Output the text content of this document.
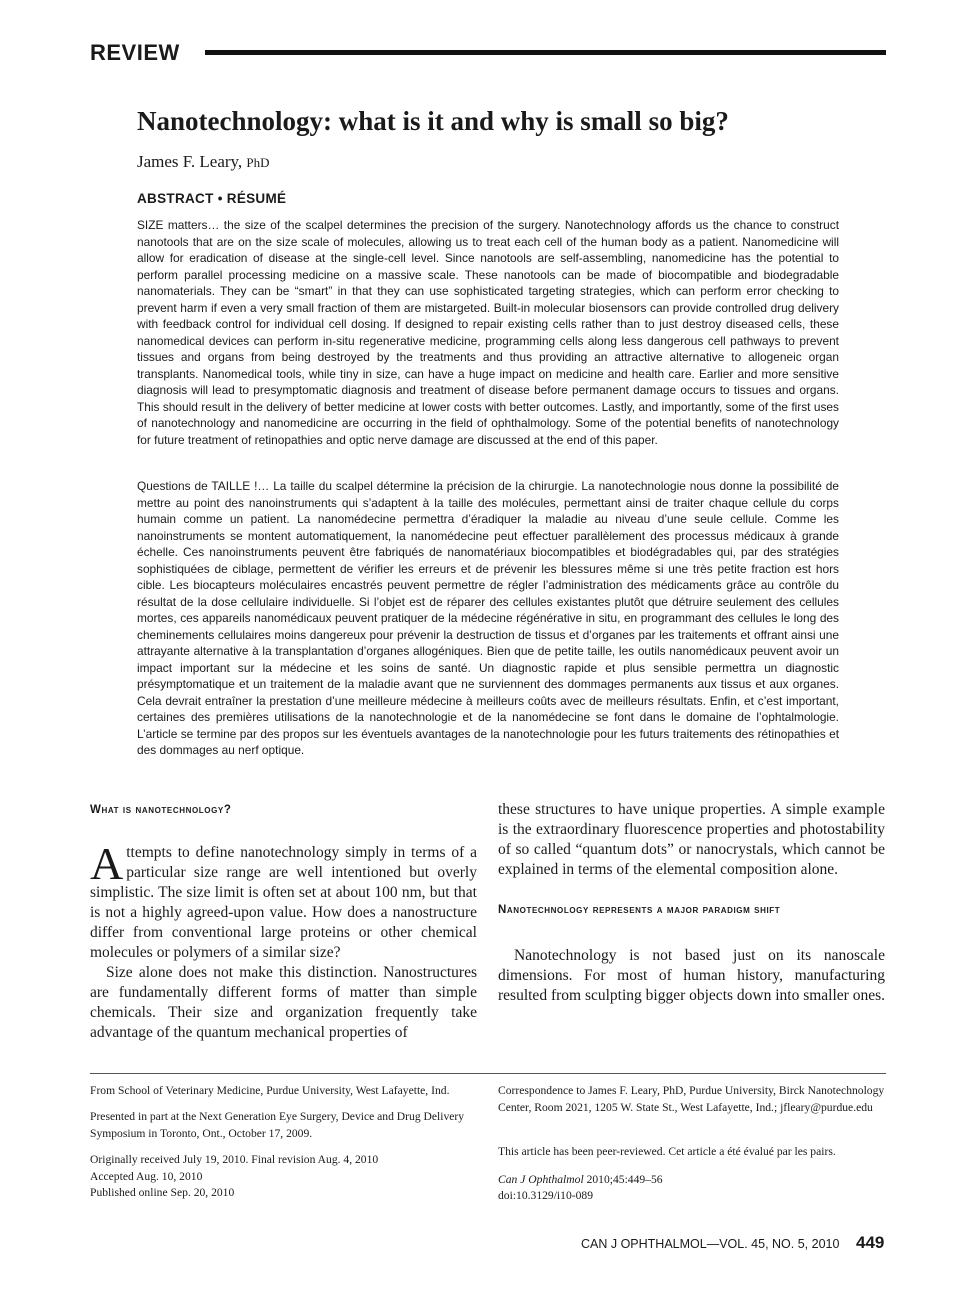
REVIEW
Nanotechnology: what is it and why is small so big?
James F. Leary, PhD
ABSTRACT • RÉSUMÉ

SIZE matters… the size of the scalpel determines the precision of the surgery. Nanotechnology affords us the chance to construct nanotools that are on the size scale of molecules, allowing us to treat each cell of the human body as a patient. Nanomedicine will allow for eradication of disease at the single-cell level. Since nanotools are self-assembling, nanomedicine has the potential to perform parallel processing medicine on a massive scale. These nanotools can be made of biocompatible and biodegradable nanomaterials. They can be “smart” in that they can use sophisticated targeting strategies, which can perform error checking to prevent harm if even a very small fraction of them are mistargeted. Built-in molecular biosensors can provide controlled drug delivery with feedback control for individual cell dosing. If designed to repair existing cells rather than to just destroy diseased cells, these nanomedical devices can perform in-situ regenerative medicine, programming cells along less dangerous cell pathways to prevent tissues and organs from being destroyed by the treatments and thus providing an attractive alternative to allogeneic organ transplants. Nanomedical tools, while tiny in size, can have a huge impact on medicine and health care. Earlier and more sensitive diagnosis will lead to presymptomatic diagnosis and treatment of disease before permanent damage occurs to tissues and organs. This should result in the delivery of better medicine at lower costs with better outcomes. Lastly, and importantly, some of the first uses of nanotechnology and nanomedicine are occurring in the field of ophthalmology. Some of the potential benefits of nanotechnology for future treatment of retinopathies and optic nerve damage are discussed at the end of this paper.

Questions de TAILLE !… La taille du scalpel détermine la précision de la chirurgie. La nanotechnologie nous donne la possibilité de mettre au point des nanoinstruments qui s’adaptent à la taille des molécules, permettant ainsi de traiter chaque cellule du corps humain comme un patient. La nanomédecine permettra d’éradiquer la maladie au niveau d’une seule cellule. Comme les nanoinstruments se montent automatiquement, la nanomédecine peut effectuer parallèlement des processus médicaux à grande échelle. Ces nanoinstruments peuvent être fabriqués de nanomatériaux biocompatibles et biodégradables qui, par des stratégies sophistiquées de ciblage, permettent de vérifier les erreurs et de prévenir les blessures même si une très petite fraction est hors cible. Les biocapteurs moléculaires encastrés peuvent permettre de régler l’administration des médicaments grâce au contrôle du résultat de la dose cellulaire individuelle. Si l’objet est de réparer des cellules existantes plutôt que détruire seulement des cellules mortes, ces appareils nanomédicaux peuvent pratiquer de la médecine régénérative in situ, en programmant des cellules le long des cheminements cellulaires moins dangereux pour prévenir la destruction de tissus et d’organes par les traitements et offrant ainsi une attrayante alternative à la transplantation d’organes allogéniques. Bien que de petite taille, les outils nanomédicaux peuvent avoir un impact important sur la médecine et les soins de santé. Un diagnostic rapide et plus sensible permettra un diagnostic présymptomatique et un traitement de la maladie avant que ne surviennent des dommages permanents aux tissus et aux organes. Cela devrait entraîner la prestation d’une meilleure médecine à meilleurs coûts avec de meilleurs résultats. Enfin, et c’est important, certaines des premières utilisations de la nanotechnologie et de la nanomédecine se font dans le domaine de l’ophtalmologie. L’article se termine par des propos sur les éventuels avantages de la nanotechnologie pour les futurs traitements des rétinopathies et des dommages au nerf optique.

What is nanotechnology?

Attempts to define nanotechnology simply in terms of a particular size range are well intentioned but overly simplistic. The size limit is often set at about 100 nm, but that is not a highly agreed-upon value. How does a nanostructure differ from conventional large proteins or other chemical molecules or polymers of a similar size?

Size alone does not make this distinction. Nanostructures are fundamentally different forms of matter than simple chemicals. Their size and organization frequently take advantage of the quantum mechanical properties of

these structures to have unique properties. A simple example is the extraordinary fluorescence properties and photostability of so called “quantum dots” or nanocrystals, which cannot be explained in terms of the elemental composition alone.

Nanotechnology represents a major paradigm shift

Nanotechnology is not based just on its nanoscale dimensions. For most of human history, manufacturing resulted from sculpting bigger objects down into smaller ones.

From School of Veterinary Medicine, Purdue University, West Lafayette, Ind.

Presented in part at the Next Generation Eye Surgery, Device and Drug Delivery Symposium in Toronto, Ont., October 17, 2009.

Originally received July 19, 2010. Final revision Aug. 4, 2010

Accepted Aug. 10, 2010

Published online Sep. 20, 2010

Correspondence to James F. Leary, PhD, Purdue University, Birck Nanotechnology Center, Room 2021, 1205 W. State St., West Lafayette, Ind.; jfleary@purdue.edu

This article has been peer-reviewed. Cet article a été évalué par les pairs.

Can J Ophthalmol 2010;45:449–56

doi:10.3129/i10-089

CAN J OPHTHALMOL—VOL. 45, NO. 5, 2010 449
